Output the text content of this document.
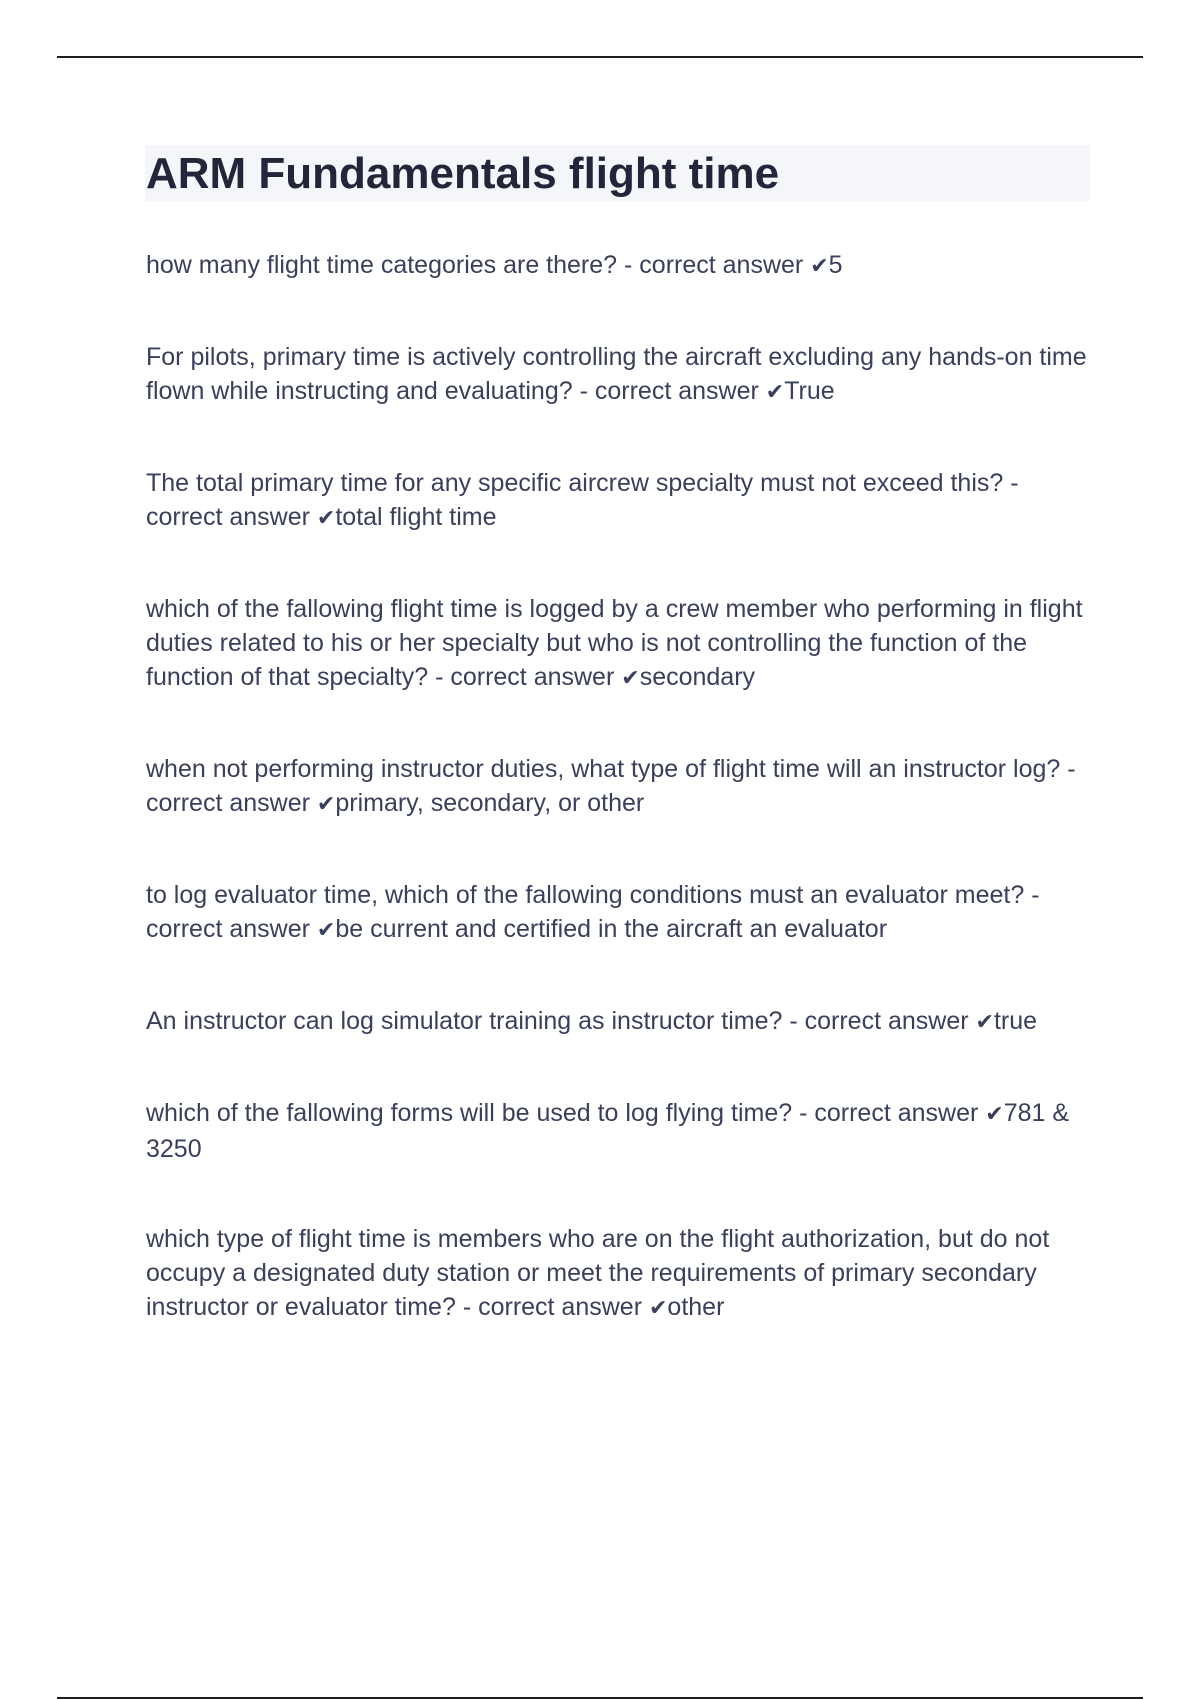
ARM Fundamentals flight time

how many flight time categories are there? - correct answer ✔5

For pilots, primary time is actively controlling the aircraft excluding any hands-on time flown while instructing and evaluating? - correct answer ✔True

The total primary time for any specific aircrew specialty must not exceed this? - correct answer ✔total flight time

which of the fallowing flight time is logged by a crew member who performing in flight duties related to his or her specialty but who is not controlling the function of the function of that specialty? - correct answer ✔secondary

when not performing instructor duties, what type of flight time will an instructor log? - correct answer ✔primary, secondary, or other

to log evaluator time, which of the fallowing conditions must an evaluator meet? - correct answer ✔be current and certified in the aircraft an evaluator

An instructor can log simulator training as instructor time? - correct answer ✔true

which of the fallowing forms will be used to log flying time? - correct answer ✔781 & 3250

which type of flight time is members who are on the flight authorization, but do not occupy a designated duty station or meet the requirements of primary secondary instructor or evaluator time? - correct answer ✔other
